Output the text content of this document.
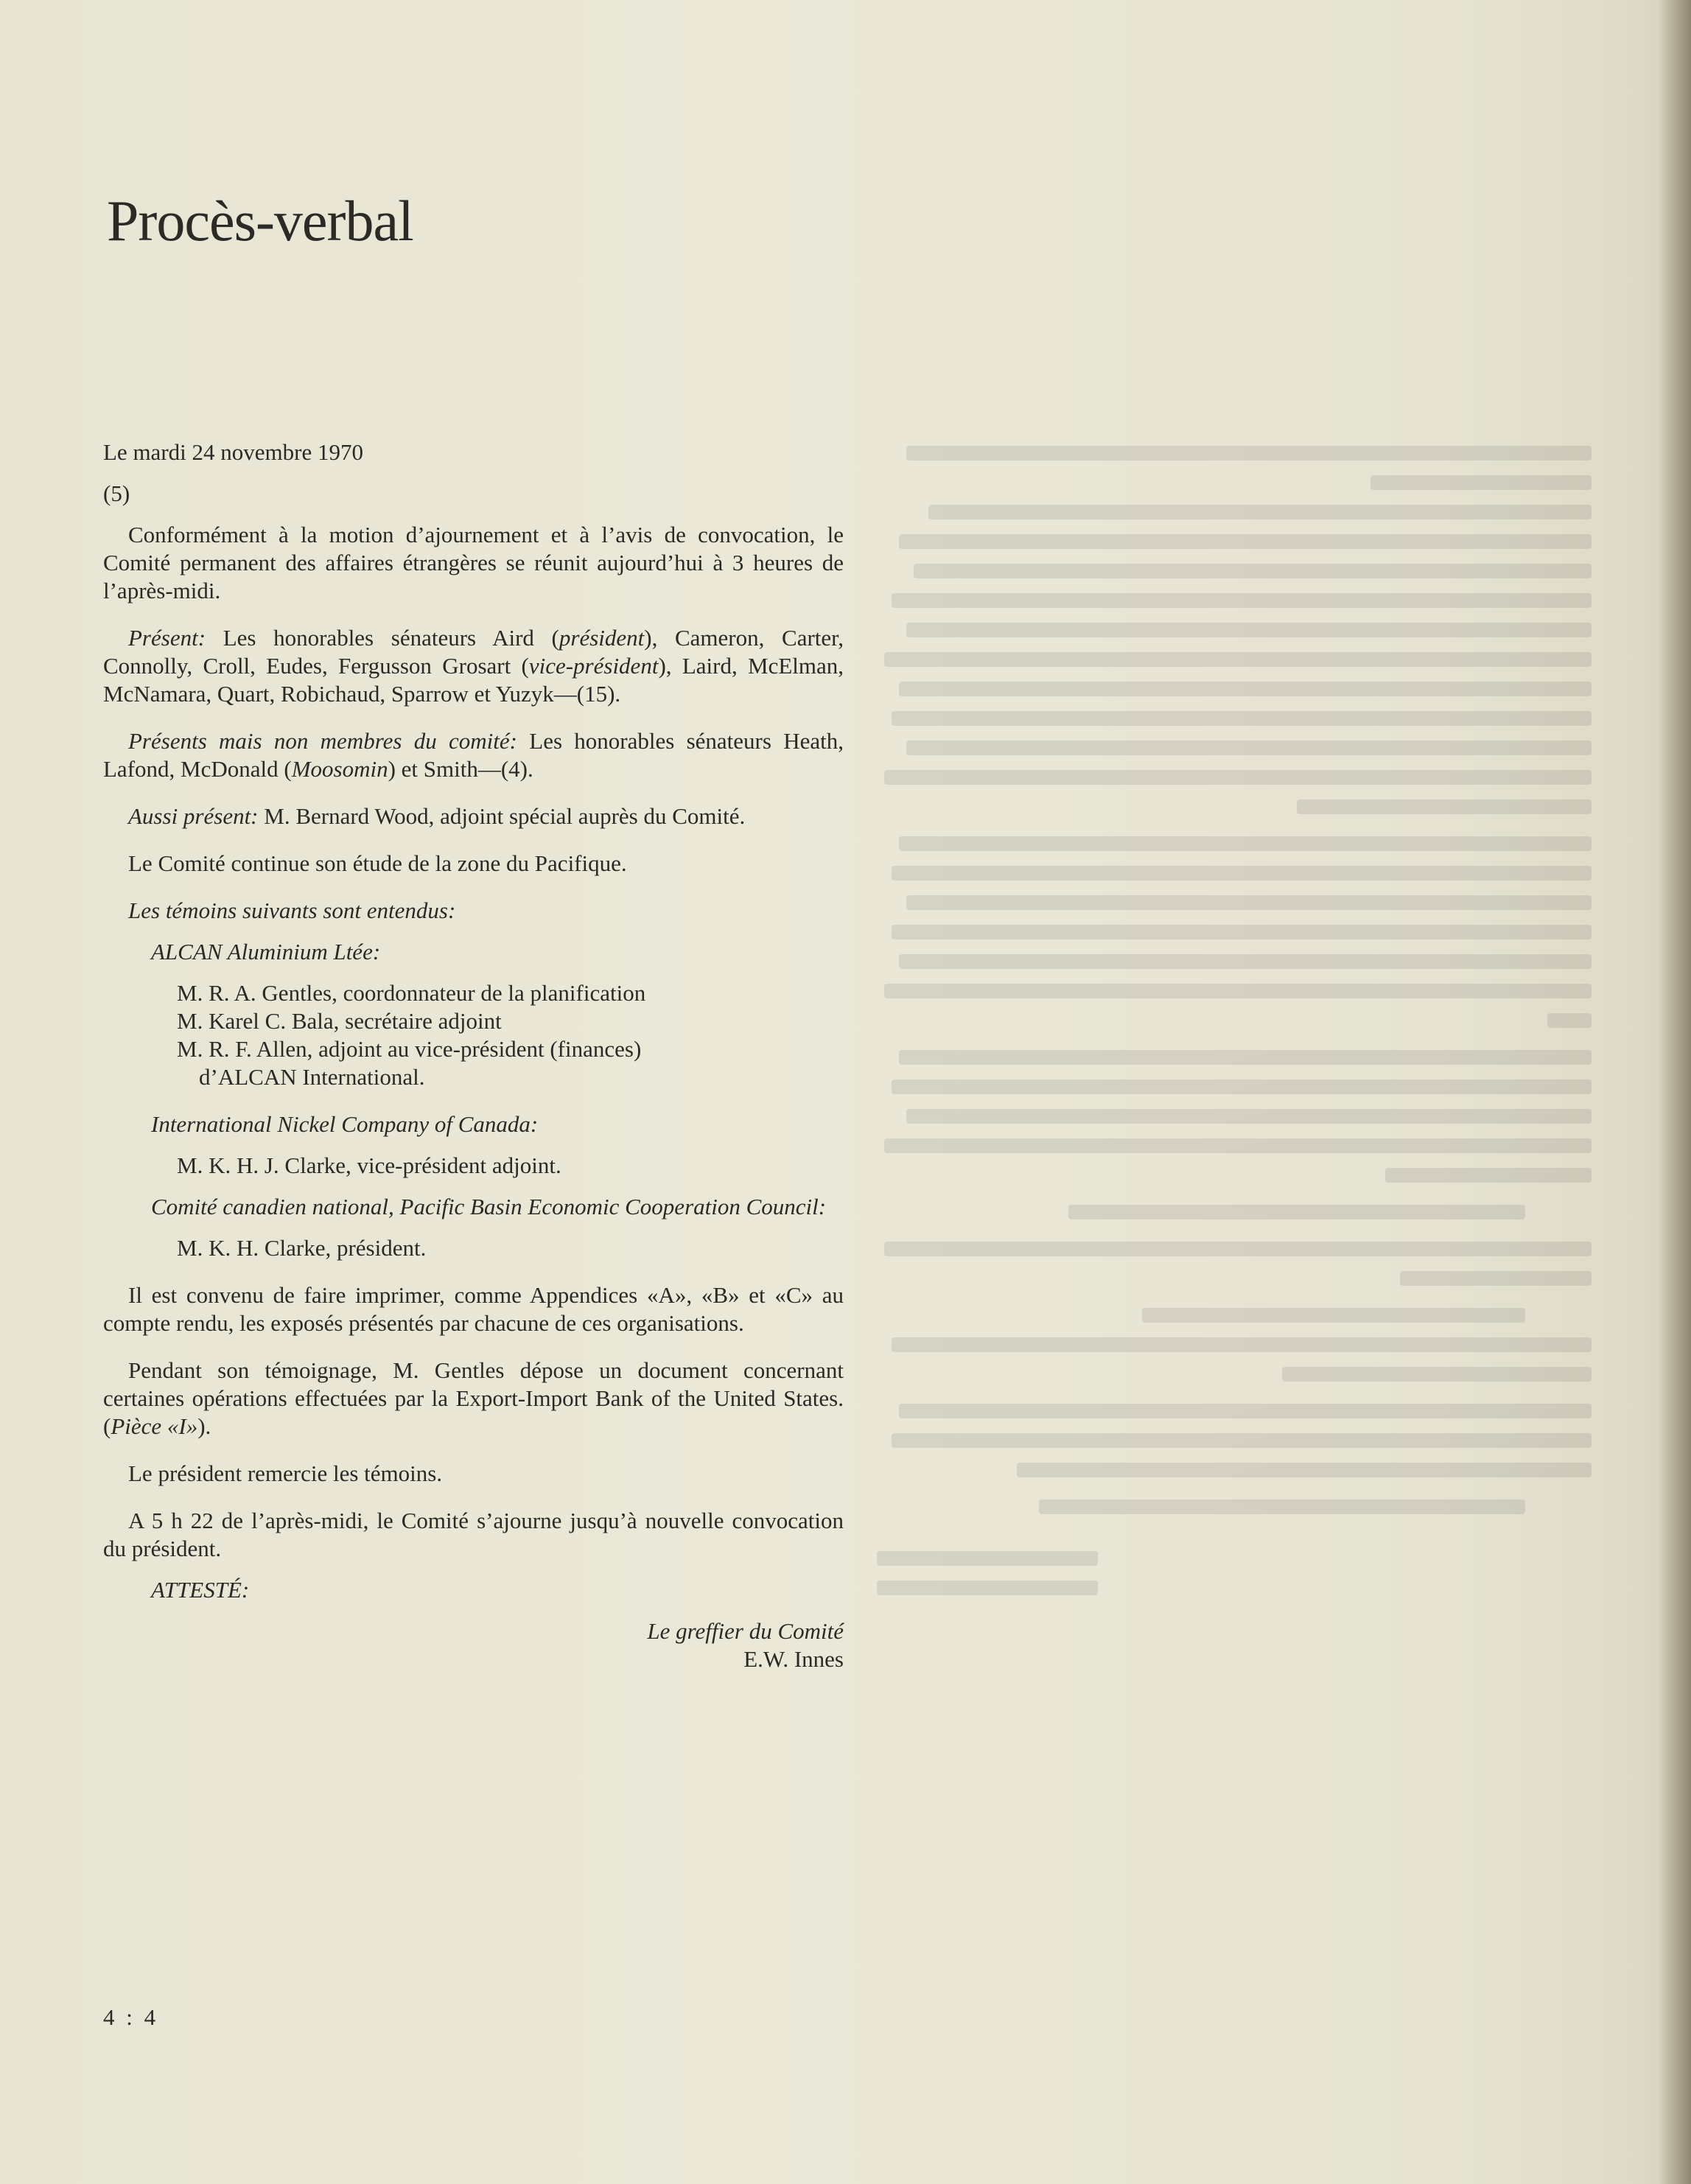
Procès-verbal

Le mardi 24 novembre 1970

(5)

Conformément à la motion d’ajournement et à l’avis de convocation, le Comité permanent des affaires étrangères se réunit aujourd’hui à 3 heures de l’après-midi.

Présent: Les honorables sénateurs Aird (président), Cameron, Carter, Connolly, Croll, Eudes, Fergusson Grosart (vice-président), Laird, McElman, McNamara, Quart, Robichaud, Sparrow et Yuzyk—(15).

Présents mais non membres du comité: Les honorables sénateurs Heath, Lafond, McDonald (Moosomin) et Smith—(4).

Aussi présent: M. Bernard Wood, adjoint spécial auprès du Comité.

Le Comité continue son étude de la zone du Pacifique.

Les témoins suivants sont entendus:

ALCAN Aluminium Ltée:

M. R. A. Gentles, coordonnateur de la planification

M. Karel C. Bala, secrétaire adjoint

M. R. F. Allen, adjoint au vice-président (finances)

d’ALCAN International.

International Nickel Company of Canada:

M. K. H. J. Clarke, vice-président adjoint.

Comité canadien national, Pacific Basin Economic Cooperation Council:

M. K. H. Clarke, président.

Il est convenu de faire imprimer, comme Appendices «A», «B» et «C» au compte rendu, les exposés présentés par chacune de ces organisations.

Pendant son témoignage, M. Gentles dépose un document concernant certaines opérations effectuées par la Export-Import Bank of the United States. (Pièce «I»).

Le président remercie les témoins.

A 5 h 22 de l’après-midi, le Comité s’ajourne jusqu’à nouvelle convocation du président.

ATTESTÉ:

Le greffier du Comité

E.W. Innes

4 : 4
